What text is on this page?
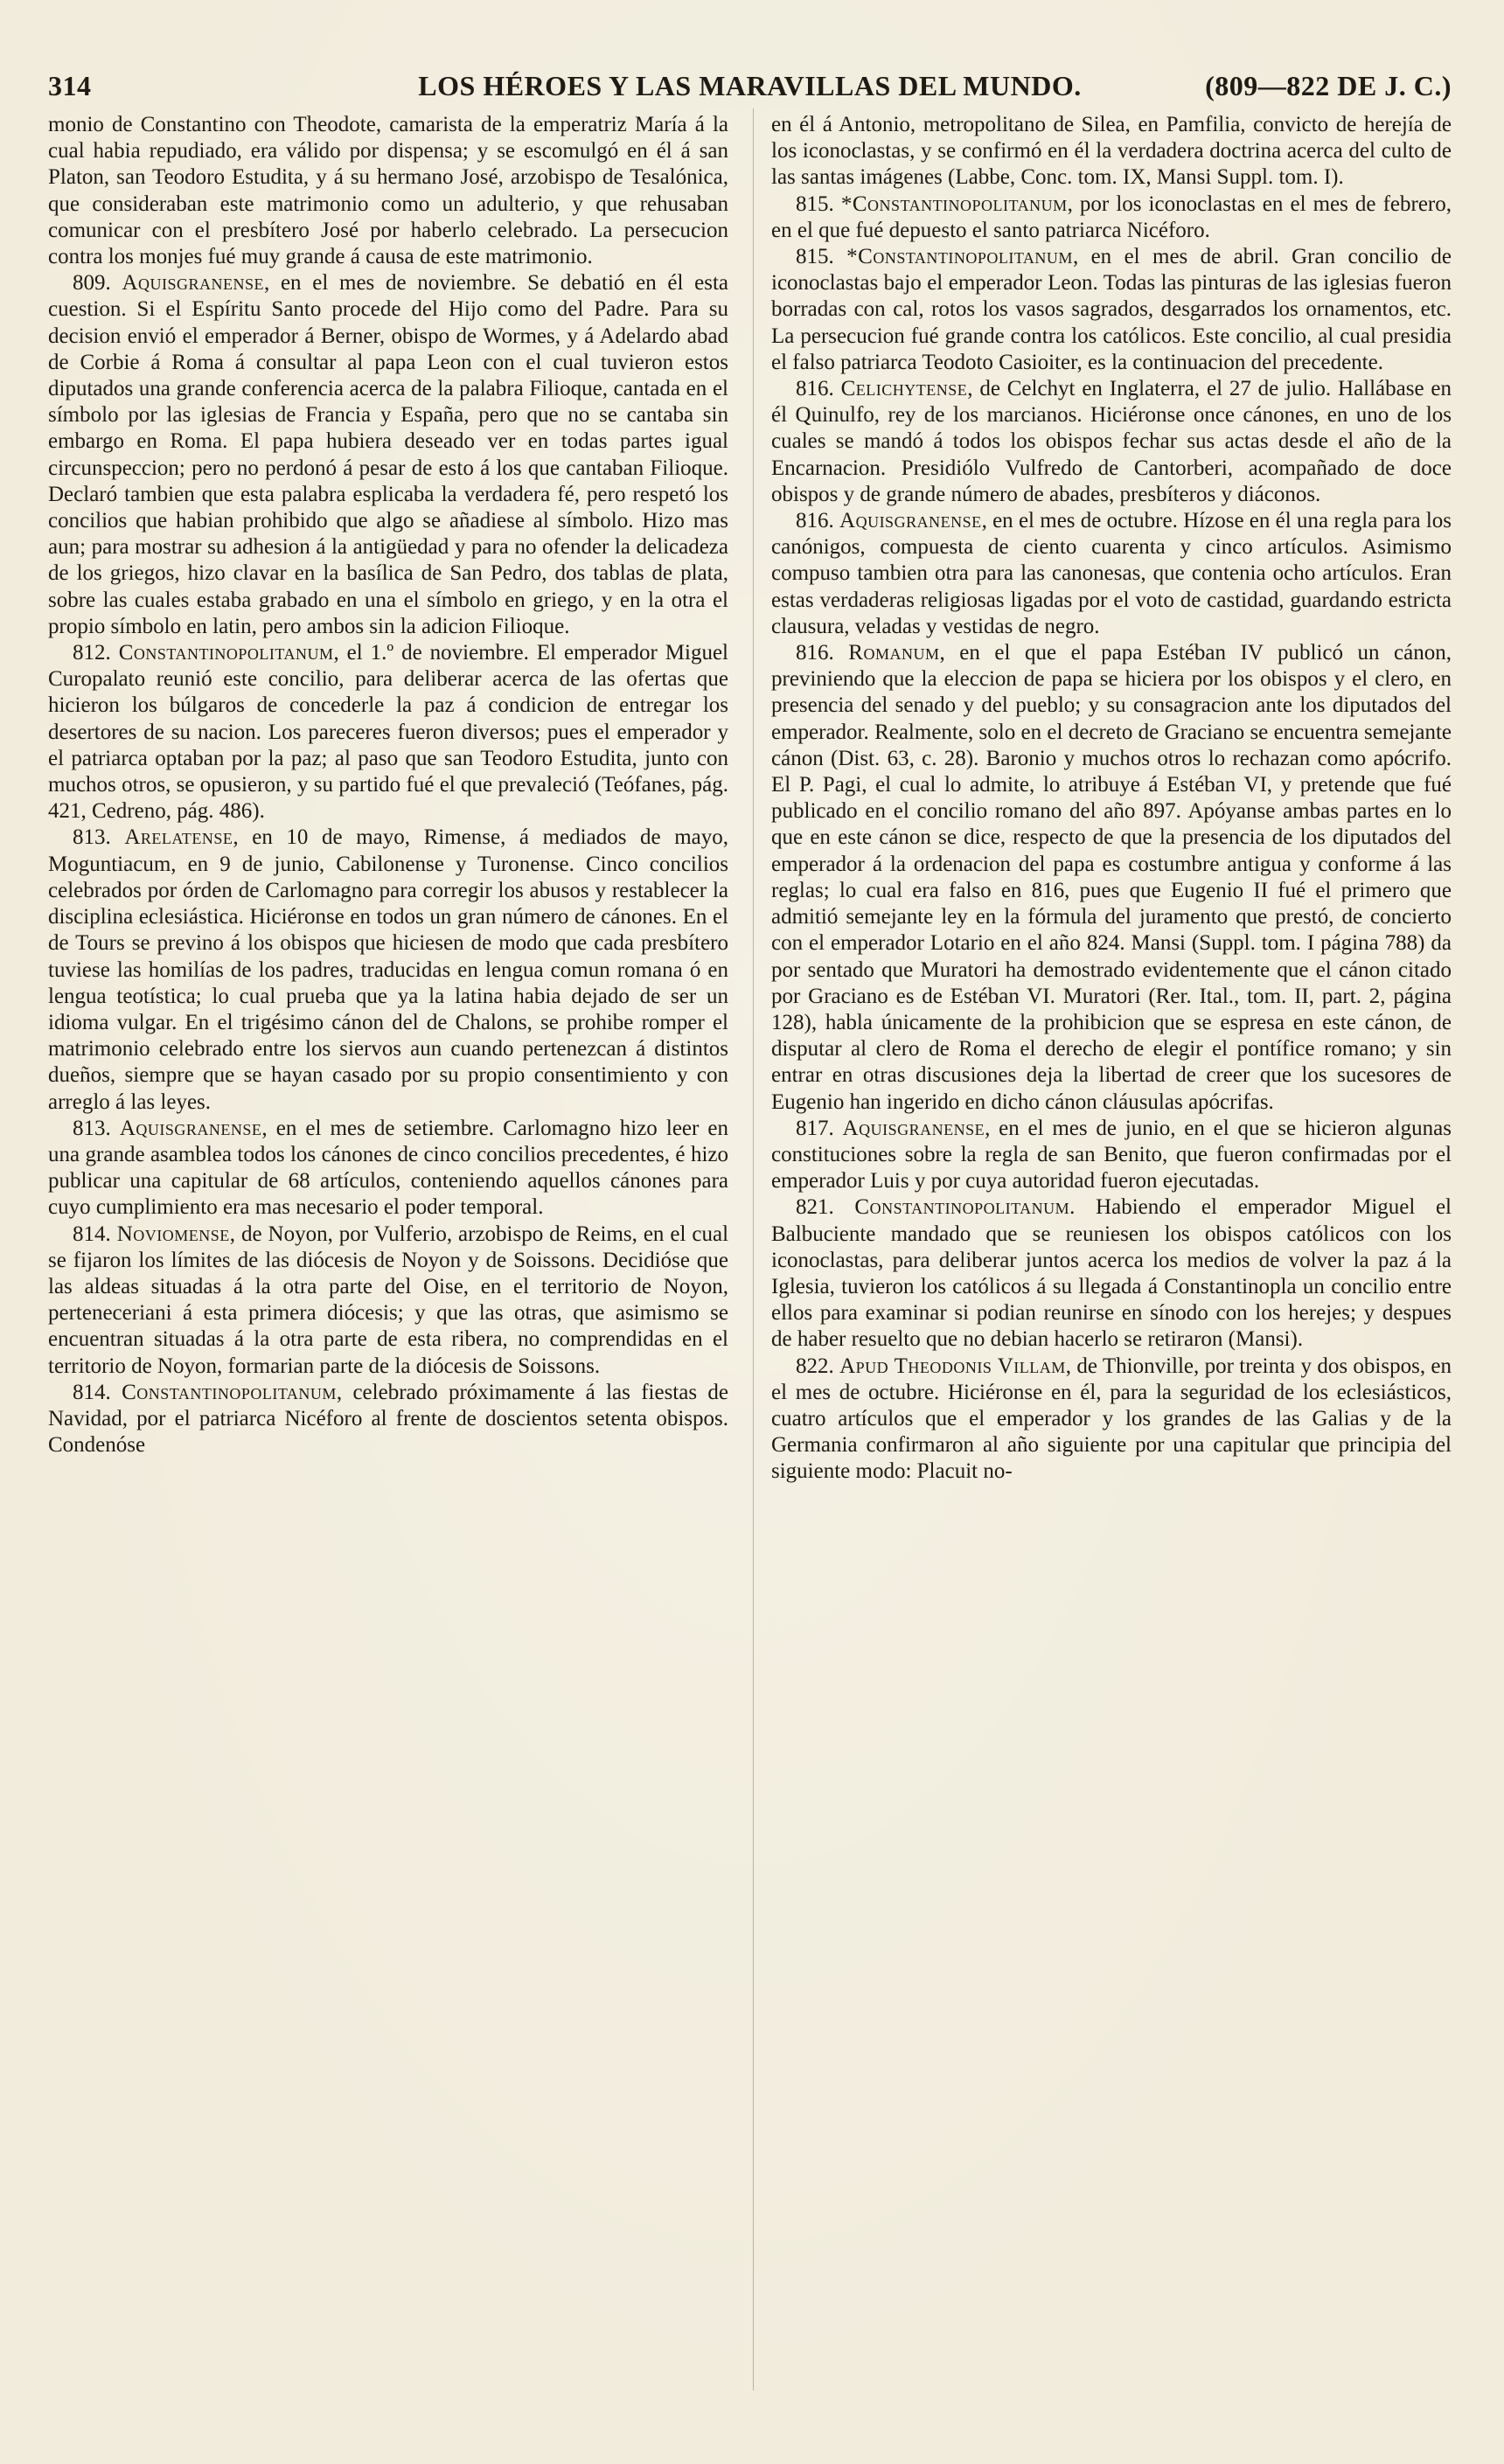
314	LOS HÉROES Y LAS MARAVILLAS DEL MUNDO.	(809—822 DE J. C.)

monio de Constantino con Theodote, camarista de la emperatriz María á la cual habia repudiado, era válido por dispensa; y se escomulgó en él á san Platon, san Teodoro Estudita, y á su hermano José, arzobispo de Tesalónica, que consideraban este matrimonio como un adulterio, y que rehusaban comunicar con el presbítero José por haberlo celebrado. La persecucion contra los monjes fué muy grande á causa de este matrimonio.

809. Aquisgranense, en el mes de noviembre. Se debatió en él esta cuestion. Si el Espíritu Santo procede del Hijo como del Padre. Para su decision envió el emperador á Berner, obispo de Wormes, y á Adelardo abad de Corbie á Roma á consultar al papa Leon con el cual tuvieron estos diputados una grande conferencia acerca de la palabra Filioque, cantada en el símbolo por las iglesias de Francia y España, pero que no se cantaba sin embargo en Roma. El papa hubiera deseado ver en todas partes igual circunspeccion; pero no perdonó á pesar de esto á los que cantaban Filioque. Declaró tambien que esta palabra esplicaba la verdadera fé, pero respetó los concilios que habian prohibido que algo se añadiese al símbolo. Hizo mas aun; para mostrar su adhesion á la antigüedad y para no ofender la delicadeza de los griegos, hizo clavar en la basílica de San Pedro, dos tablas de plata, sobre las cuales estaba grabado en una el símbolo en griego, y en la otra el propio símbolo en latin, pero ambos sin la adicion Filioque.

812. Constantinopolitanum, el 1.º de noviembre. El emperador Miguel Curopalato reunió este concilio, para deliberar acerca de las ofertas que hicieron los búlgaros de concederle la paz á condicion de entregar los desertores de su nacion. Los pareceres fueron diversos; pues el emperador y el patriarca optaban por la paz; al paso que san Teodoro Estudita, junto con muchos otros, se opusieron, y su partido fué el que prevaleció (Teófanes, pág. 421, Cedreno, pág. 486).

813. Arelatense, en 10 de mayo, Rimense, á mediados de mayo, Moguntiacum, en 9 de junio, Cabilonense y Turonense. Cinco concilios celebrados por órden de Carlomagno para corregir los abusos y restablecer la disciplina eclesiástica. Hiciéronse en todos un gran número de cánones. En el de Tours se previno á los obispos que hiciesen de modo que cada presbítero tuviese las homilías de los padres, traducidas en lengua comun romana ó en lengua teotística; lo cual prueba que ya la latina habia dejado de ser un idioma vulgar. En el trigésimo cánon del de Chalons, se prohibe romper el matrimonio celebrado entre los siervos aun cuando pertenezcan á distintos dueños, siempre que se hayan casado por su propio consentimiento y con arreglo á las leyes.

813. Aquisgranense, en el mes de setiembre. Carlomagno hizo leer en una grande asamblea todos los cánones de cinco concilios precedentes, é hizo publicar una capitular de 68 artículos, conteniendo aquellos cánones para cuyo cumplimiento era mas necesario el poder temporal.

814. Noviomense, de Noyon, por Vulferio, arzobispo de Reims, en el cual se fijaron los límites de las diócesis de Noyon y de Soissons. Decidióse que las aldeas situadas á la otra parte del Oise, en el territorio de Noyon, perteneceriani á esta primera diócesis; y que las otras, que asimismo se encuentran situadas á la otra parte de esta ribera, no comprendidas en el territorio de Noyon, formarian parte de la diócesis de Soissons.

814. Constantinopolitanum, celebrado próximamente á las fiestas de Navidad, por el patriarca Nicéforo al frente de doscientos setenta obispos. Condenóse

en él á Antonio, metropolitano de Silea, en Pamfilia, convicto de herejía de los iconoclastas, y se confirmó en él la verdadera doctrina acerca del culto de las santas imágenes (Labbe, Conc. tom. IX, Mansi Suppl. tom. I).

815. *Constantinopolitanum, por los iconoclastas en el mes de febrero, en el que fué depuesto el santo patriarca Nicéforo.

815. *Constantinopolitanum, en el mes de abril. Gran concilio de iconoclastas bajo el emperador Leon. Todas las pinturas de las iglesias fueron borradas con cal, rotos los vasos sagrados, desgarrados los ornamentos, etc. La persecucion fué grande contra los católicos. Este concilio, al cual presidia el falso patriarca Teodoto Casioiter, es la continuacion del precedente.

816. Celichytense, de Celchyt en Inglaterra, el 27 de julio. Hallábase en él Quinulfo, rey de los marcianos. Hiciéronse once cánones, en uno de los cuales se mandó á todos los obispos fechar sus actas desde el año de la Encarnacion. Presidiólo Vulfredo de Cantorberi, acompañado de doce obispos y de grande número de abades, presbíteros y diáconos.

816. Aquisgranense, en el mes de octubre. Hízose en él una regla para los canónigos, compuesta de ciento cuarenta y cinco artículos. Asimismo compuso tambien otra para las canonesas, que contenia ocho artículos. Eran estas verdaderas religiosas ligadas por el voto de castidad, guardando estricta clausura, veladas y vestidas de negro.

816. Romanum, en el que el papa Estéban IV publicó un cánon, previniendo que la eleccion de papa se hiciera por los obispos y el clero, en presencia del senado y del pueblo; y su consagracion ante los diputados del emperador. Realmente, solo en el decreto de Graciano se encuentra semejante cánon (Dist. 63, c. 28). Baronio y muchos otros lo rechazan como apócrifo. El P. Pagi, el cual lo admite, lo atribuye á Estéban VI, y pretende que fué publicado en el concilio romano del año 897. Apóyanse ambas partes en lo que en este cánon se dice, respecto de que la presencia de los diputados del emperador á la ordenacion del papa es costumbre antigua y conforme á las reglas; lo cual era falso en 816, pues que Eugenio II fué el primero que admitió semejante ley en la fórmula del juramento que prestó, de concierto con el emperador Lotario en el año 824. Mansi (Suppl. tom. I página 788) da por sentado que Muratori ha demostrado evidentemente que el cánon citado por Graciano es de Estéban VI. Muratori (Rer. Ital., tom. II, part. 2, página 128), habla únicamente de la prohibicion que se espresa en este cánon, de disputar al clero de Roma el derecho de elegir el pontífice romano; y sin entrar en otras discusiones deja la libertad de creer que los sucesores de Eugenio han ingerido en dicho cánon cláusulas apócrifas.

817. Aquisgranense, en el mes de junio, en el que se hicieron algunas constituciones sobre la regla de san Benito, que fueron confirmadas por el emperador Luis y por cuya autoridad fueron ejecutadas.

821. Constantinopolitanum. Habiendo el emperador Miguel el Balbuciente mandado que se reuniesen los obispos católicos con los iconoclastas, para deliberar juntos acerca los medios de volver la paz á la Iglesia, tuvieron los católicos á su llegada á Constantinopla un concilio entre ellos para examinar si podian reunirse en sínodo con los herejes; y despues de haber resuelto que no debian hacerlo se retiraron (Mansi).

822. Apud Theodonis Villam, de Thionville, por treinta y dos obispos, en el mes de octubre. Hiciéronse en él, para la seguridad de los eclesiásticos, cuatro artículos que el emperador y los grandes de las Galias y de la Germania confirmaron al año siguiente por una capitular que principia del siguiente modo: Placuit no-
